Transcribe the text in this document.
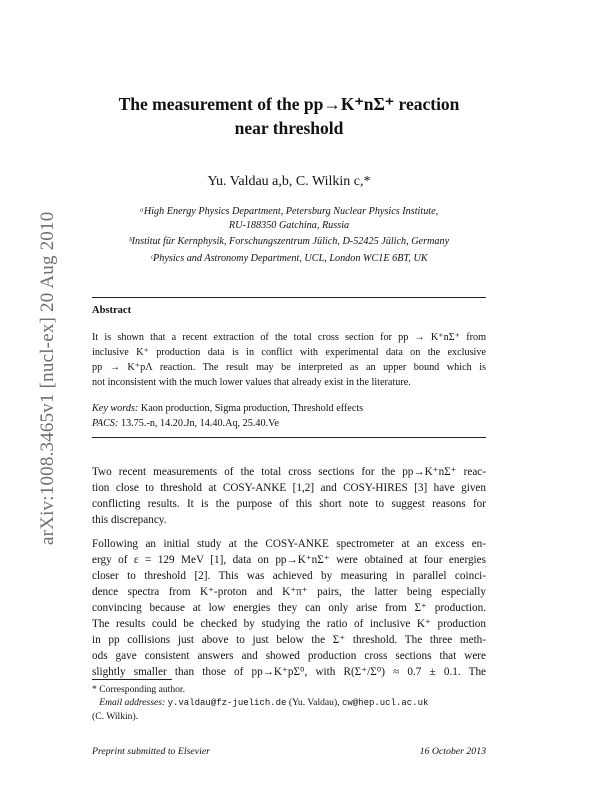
arXiv:1008.3465v1 [nucl-ex] 20 Aug 2010
The measurement of the pp→K⁺nΣ⁺ reaction
near threshold
Yu. Valdau a,b, C. Wilkin c,*
ᵃHigh Energy Physics Department, Petersburg Nuclear Physics Institute,
RU-188350 Gatchina, Russia
ᵇInstitut für Kernphysik, Forschungszentrum Jülich, D-52425 Jülich, Germany
ᶜPhysics and Astronomy Department, UCL, London WC1E 6BT, UK
Abstract
It is shown that a recent extraction of the total cross section for pp → K⁺nΣ⁺ from
inclusive K⁺ production data is in conflict with experimental data on the exclusive
pp → K⁺pΛ reaction. The result may be interpreted as an upper bound which is
not inconsistent with the much lower values that already exist in the literature.
Key words: Kaon production, Sigma production, Threshold effects
PACS: 13.75.-n, 14.20.Jn, 14.40.Aq, 25.40.Ve
Two recent measurements of the total cross sections for the pp→K⁺nΣ⁺ reac-
tion close to threshold at COSY-ANKE [1,2] and COSY-HIRES [3] have given
conflicting results. It is the purpose of this short note to suggest reasons for
this discrepancy.
Following an initial study at the COSY-ANKE spectrometer at an excess en-
ergy of ε = 129 MeV [1], data on pp→K⁺nΣ⁺ were obtained at four energies
closer to threshold [2]. This was achieved by measuring in parallel coinci-
dence spectra from K⁺-proton and K⁺π⁺ pairs, the latter being especially
convincing because at low energies they can only arise from Σ⁺ production.
The results could be checked by studying the ratio of inclusive K⁺ production
in pp collisions just above to just below the Σ⁺ threshold. The three meth-
ods gave consistent answers and showed production cross sections that were
slightly smaller than those of pp→K⁺pΣ⁰, with R(Σ⁺/Σ⁰) ≈ 0.7 ± 0.1. The
* Corresponding author.
Email addresses: y.valdau@fz-juelich.de (Yu. Valdau), cw@hep.ucl.ac.uk
(C. Wilkin).
Preprint submitted to Elsevier	16 October 2013
